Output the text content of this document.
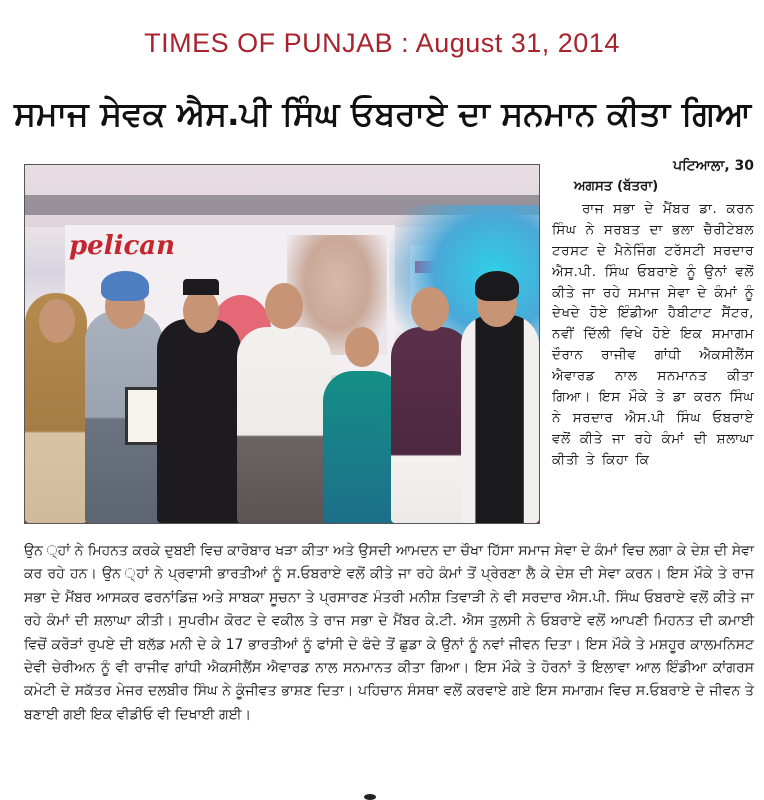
TIMES OF PUNJAB : August 31, 2014
ਸਮਾਜ ਸੇਵਕ ਐਸ.ਪੀ ਸਿੰਘ ਓਬਰਾਏ ਦਾ ਸਨਮਾਨ ਕੀਤਾ ਗਿਆ
pelican
ਪਟਿਆਲਾ, 30
ਅਗਸਤ (ਬੱਤਰਾ)
ਰਾਜ ਸਭਾ ਦੇ ਮੈਂਬਰ ਡਾ. ਕਰਨ ਸਿੰਘ ਨੇ ਸਰਬਤ ਦਾ ਭਲਾ ਚੈਰੀਟੇਬਲ ਟਰਸਟ ਦੇ ਮੈਨੇਜਿੰਗ ਟਰੱਸਟੀ ਸਰਦਾਰ ਐਸ.ਪੀ. ਸਿੰਘ ਓਬਰਾਏ ਨੂੰ ਉਨਾਂ ਵਲੋਂ ਕੀਤੇ ਜਾ ਰਹੇ ਸਮਾਜ ਸੇਵਾ ਦੇ ਕੰਮਾਂ ਨੂੰ ਦੇਖਦੇ ਹੋਏ ਇੰਡੀਆ ਹੈਬੀਟਾਟ ਸੈਂਟਰ, ਨਵੀਂ ਦਿੱਲੀ ਵਿਖੇ ਹੋਏ ਇਕ ਸਮਾਗਮ ਦੌਰਾਨ ਰਾਜੀਵ ਗਾਂਧੀ ਐਕਸੀਲੈਂਸ ਐਵਾਰਡ ਨਾਲ ਸਨਮਾਨਤ ਕੀਤਾ ਗਿਆ। ਇਸ ਮੌਕੇ ਤੇ ਡਾ ਕਰਨ ਸਿੰਘ ਨੇ ਸਰਦਾਰ ਐਸ.ਪੀ ਸਿੰਘ ਓਬਰਾਏ ਵਲੋਂ ਕੀਤੇ ਜਾ ਰਹੇ ਕੰਮਾਂ ਦੀ ਸ਼ਲਾਘਾ ਕੀਤੀ ਤੇ ਕਿਹਾ ਕਿ
ਉਨ ੍ਹਾਂ ਨੇ ਮਿਹਨਤ ਕਰਕੇ ਦੁਬਈ ਵਿਚ ਕਾਰੋਬਾਰ ਖੜਾ ਕੀਤਾ ਅਤੇ ਉਸਦੀ ਆਮਦਨ ਦਾ ਚੌਖਾ ਹਿੱਸਾ ਸਮਾਜ ਸੇਵਾ ਦੇ ਕੰਮਾਂ ਵਿਚ ਲਗਾ ਕੇ ਦੇਸ਼ ਦੀ ਸੇਵਾ ਕਰ ਰਹੇ ਹਨ। ਉਨ ੍ਹਾਂ ਨੇ ਪ੍ਰਵਾਸੀ ਭਾਰਤੀਆਂ ਨੂੰ ਸ.ਓਬਰਾਏ ਵਲੋਂ ਕੀਤੇ ਜਾ ਰਹੇ ਕੰਮਾਂ ਤੋਂ ਪ੍ਰੇਰਣਾ ਲੈ ਕੇ ਦੇਸ਼ ਦੀ ਸੇਵਾ ਕਰਨ। ਇਸ ਮੌਕੇ ਤੇ ਰਾਜ ਸਭਾ ਦੇ ਮੈਂਬਰ ਆਸਕਰ ਫਰਨਾਂਡਿਜ਼ ਅਤੇ ਸਾਬਕਾ ਸੂਚਨਾ ਤੇ ਪ੍ਰਸਾਰਣ ਮੰਤਰੀ ਮਨੀਸ਼ ਤਿਵਾੜੀ ਨੇ ਵੀ ਸਰਦਾਰ ਐਸ.ਪੀ. ਸਿੰਘ ਓਬਰਾਏ ਵਲੋਂ ਕੀਤੇ ਜਾ ਰਹੇ ਕੰਮਾਂ ਦੀ ਸ਼ਲਾਘਾ ਕੀਤੀ। ਸੁਪਰੀਮ ਕੋਰਟ ਦੇ ਵਕੀਲ ਤੇ ਰਾਜ ਸਭਾ ਦੇ ਮੈਂਬਰ ਕੇ.ਟੀ. ਐਸ ਤੁਲਸੀ ਨੇ ਓਬਰਾਏ ਵਲੋਂ ਆਪਣੀ ਮਿਹਨਤ ਦੀ ਕਮਾਈ ਵਿਚੋਂ ਕਰੋੜਾਂ ਰੁਪਏ ਦੀ ਬਲੱਡ ਮਨੀ ਦੇ ਕੇ 17 ਭਾਰਤੀਆਂ ਨੂੰ ਫਾਂਸੀ ਦੇ ਫੰਦੇ ਤੋਂ ਛੁਡਾ ਕੇ ਉਨਾਂ ਨੂੰ ਨਵਾਂ ਜੀਵਨ ਦਿਤਾ। ਇਸ ਮੌਕੇ ਤੇ ਮਸ਼ਹੂਰ ਕਾਲਮਨਿਸਟ ਦੇਵੀ ਚੇਰੀਅਨ ਨੂੰ ਵੀ ਰਾਜੀਵ ਗਾਂਧੀ ਐਕਸੀਲੈਂਸ ਐਵਾਰਡ ਨਾਲ ਸਨਮਾਨਤ ਕੀਤਾ ਗਿਆ। ਇਸ ਮੌਕੇ ਤੇ ਹੋਰਨਾਂ ਤੋ ਇਲਾਵਾ ਆਲ ਇੰਡੀਆ ਕਾਂਗਰਸ ਕਮੇਟੀ ਦੇ ਸਕੱਤਰ ਮੇਜਰ ਦਲਬੀਰ ਸਿੰਘ ਨੇ ਕੂੰਜੀਵਤ ਭਾਸ਼ਣ ਦਿਤਾ। ਪਹਿਚਾਨ ਸੰਸਥਾ ਵਲੋਂ ਕਰਵਾਏ ਗਏ ਇਸ ਸਮਾਗਮ ਵਿਚ ਸ.ਓਬਰਾਏ ਦੇ ਜੀਵਨ ਤੇ ਬਣਾਈ ਗਈ ਇਕ ਵੀਡੀਓ ਵੀ ਦਿਖਾਈ ਗਈ।
